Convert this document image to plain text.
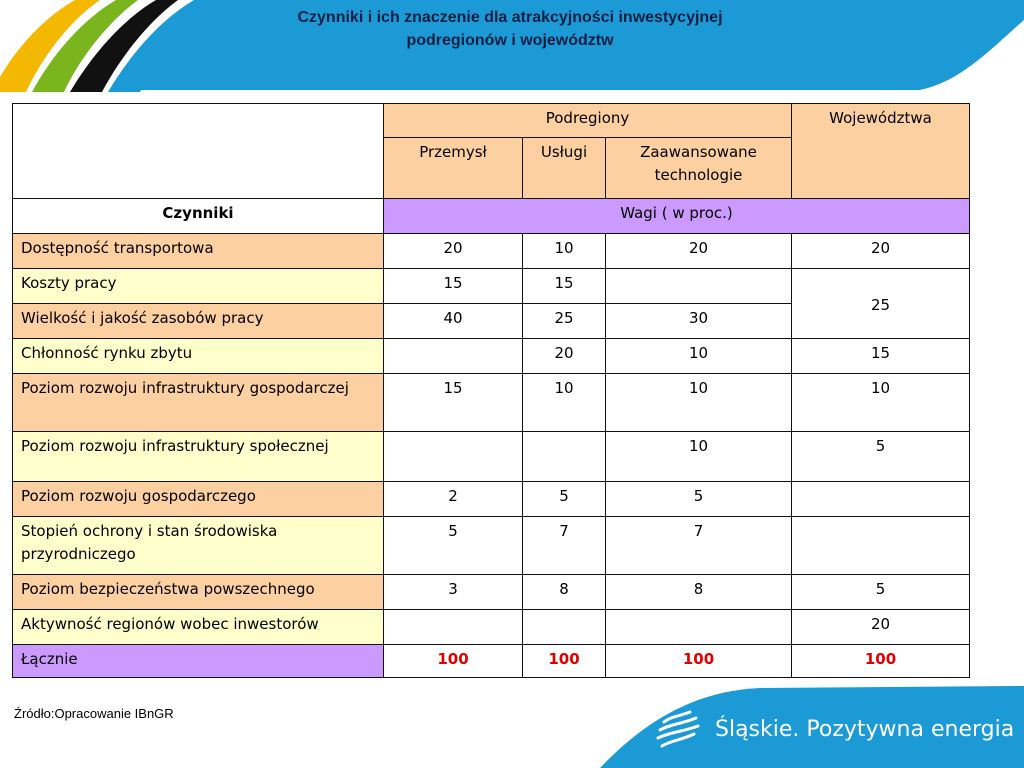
Czynniki i ich znaczenie dla atrakcyjności inwestycyjnej
podregionów i województw
	Podregiony			Województwa
	Przemysł	Usługi	Zaawansowane technologie	
Czynniki	Wagi ( w proc.)			
Dostępność transportowa	20	10	20	20
Koszty pracy	15	15		25
Wielkość i jakość zasobów pracy	40	25	30	
Chłonność rynku zbytu		20	10	15
Poziom rozwoju infrastruktury gospodarczej	15	10	10	10
Poziom rozwoju infrastruktury społecznej			10	5
Poziom rozwoju gospodarczego	2	5	5	
Stopień ochrony i stan środowiska przyrodniczego	5	7	7	
Poziom bezpieczeństwa powszechnego	3	8	8	5
Aktywność regionów wobec inwestorów				20
Łącznie	100	100	100	100
Źródło:Opracowanie IBnGR
Śląskie. Pozytywna energia
